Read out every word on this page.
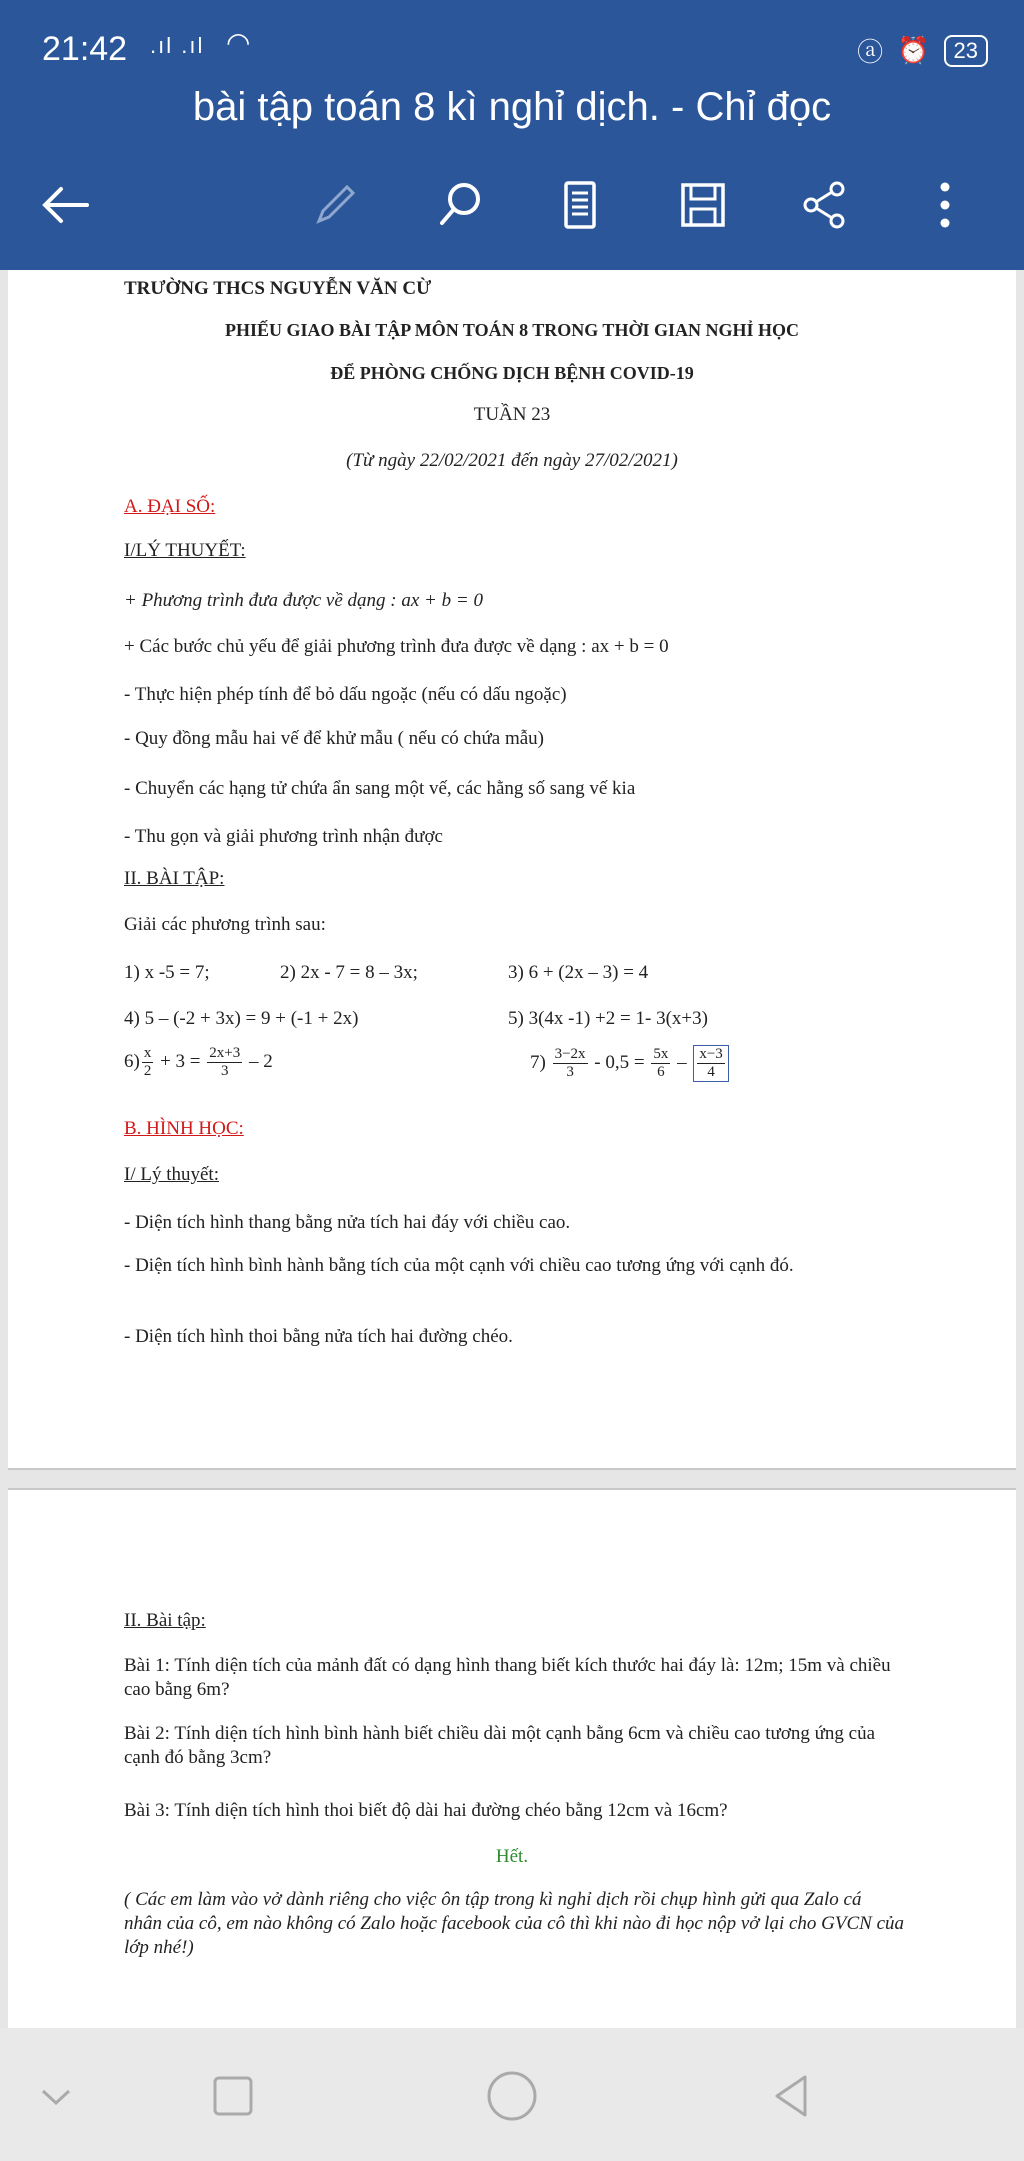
21:42 .ıl .ıl ◠	ⓐ ⏰	23
bài tập toán 8 kì nghỉ dịch. - Chỉ đọc
TRƯỜNG THCS NGUYỄN VĂN CỪ
PHIẾU GIAO BÀI TẬP MÔN TOÁN 8 TRONG THỜI GIAN NGHỈ HỌC
ĐỂ PHÒNG CHỐNG DỊCH BỆNH COVID-19
TUẦN 23
(Từ ngày 22/02/2021 đến ngày 27/02/2021)
A. ĐẠI SỐ:
I/LÝ THUYẾT:
+ Phương trình đưa được về dạng : ax + b = 0
+ Các bước chủ yếu để giải phương trình đưa được về dạng : ax + b = 0
- Thực hiện phép tính để bỏ dấu ngoặc (nếu có dấu ngoặc)
- Quy đồng mẫu hai vế để khử mẫu ( nếu có chứa mẫu)
- Chuyển các hạng tử chứa ẩn sang một vế, các hằng số sang vế kia
- Thu gọn và giải phương trình nhận được
II. BÀI TẬP:
Giải các phương trình sau:
1) x -5 = 7;	2) 2x - 7 = 8 – 3x;	3) 6 + (2x – 3) = 4
4) 5 – (-2 + 3x) = 9 + (-1 + 2x)	5) 3(4x -1) +2 = 1- 3(x+3)
$6) \frac{x}{2} + 3 = \frac{2x+3}{3} - 2$	$7) \frac{3-2x}{3} - 0,5 = \frac{5x}{6} - \frac{x-3}{4}$
B. HÌNH HỌC:
I/ Lý thuyết:
- Diện tích hình thang bằng nửa tích hai đáy với chiều cao.
- Diện tích hình bình hành bằng tích của một cạnh với chiều cao tương ứng với cạnh đó.
- Diện tích hình thoi bằng nửa tích hai đường chéo.
II. Bài tập:
Bài 1: Tính diện tích của mảnh đất có dạng hình thang biết kích thước hai đáy là: 12m; 15m và chiều cao bằng 6m?
Bài 2: Tính diện tích hình bình hành biết chiều dài một cạnh bằng 6cm và chiều cao tương ứng của cạnh đó bằng 3cm?
Bài 3: Tính diện tích hình thoi biết độ dài hai đường chéo bằng 12cm và 16cm?
Hết.
( Các em làm vào vở dành riêng cho việc ôn tập trong kì nghỉ dịch rồi chụp hình gửi qua Zalo cá nhân của cô, em nào không có Zalo hoặc facebook của cô thì khi nào đi học nộp vở lại cho GVCN của lớp nhé!)
